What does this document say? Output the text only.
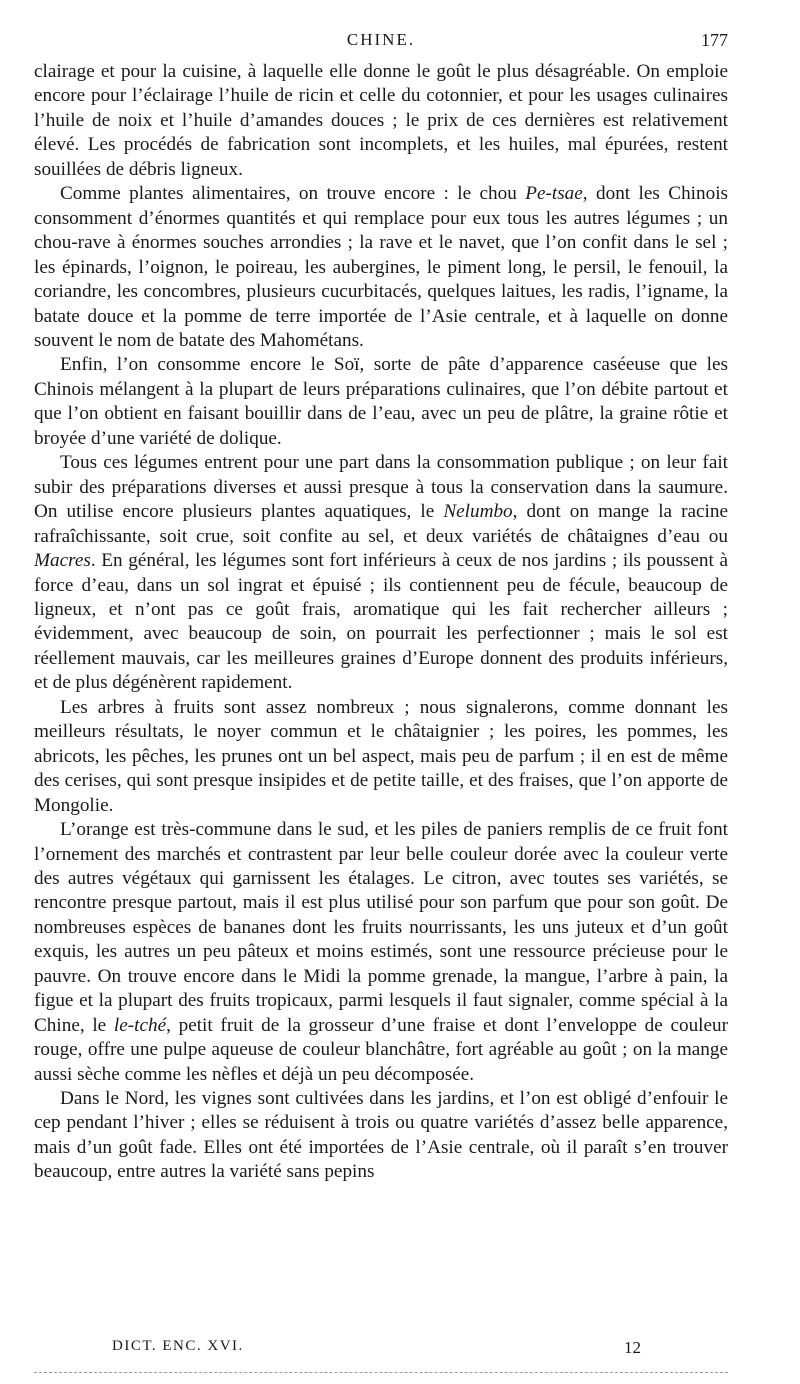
CHINE.	177

clairage et pour la cuisine, à laquelle elle donne le goût le plus désagréable. On emploie encore pour l’éclairage l’huile de ricin et celle du cotonnier, et pour les usages culinaires l’huile de noix et l’huile d’amandes douces ; le prix de ces dernières est relativement élevé. Les procédés de fabrication sont incomplets, et les huiles, mal épurées, restent souillées de débris ligneux.

Comme plantes alimentaires, on trouve encore : le chou Pe-tsae, dont les Chinois consomment d’énormes quantités et qui remplace pour eux tous les autres légumes ; un chou-rave à énormes souches arrondies ; la rave et le navet, que l’on confit dans le sel ; les épinards, l’oignon, le poireau, les aubergines, le piment long, le persil, le fenouil, la coriandre, les concombres, plusieurs cucurbitacés, quelques laitues, les radis, l’igname, la batate douce et la pomme de terre importée de l’Asie centrale, et à laquelle on donne souvent le nom de batate des Mahométans.

Enfin, l’on consomme encore le Soï, sorte de pâte d’apparence caséeuse que les Chinois mélangent à la plupart de leurs préparations culinaires, que l’on débite partout et que l’on obtient en faisant bouillir dans de l’eau, avec un peu de plâtre, la graine rôtie et broyée d’une variété de dolique.

Tous ces légumes entrent pour une part dans la consommation publique ; on leur fait subir des préparations diverses et aussi presque à tous la conservation dans la saumure. On utilise encore plusieurs plantes aquatiques, le Nelumbo, dont on mange la racine rafraîchissante, soit crue, soit confite au sel, et deux variétés de châtaignes d’eau ou Macres. En général, les légumes sont fort inférieurs à ceux de nos jardins ; ils poussent à force d’eau, dans un sol ingrat et épuisé ; ils contiennent peu de fécule, beaucoup de ligneux, et n’ont pas ce goût frais, aromatique qui les fait rechercher ailleurs ; évidemment, avec beaucoup de soin, on pourrait les perfectionner ; mais le sol est réellement mauvais, car les meilleures graines d’Europe donnent des produits inférieurs, et de plus dégénèrent rapidement.

Les arbres à fruits sont assez nombreux ; nous signalerons, comme donnant les meilleurs résultats, le noyer commun et le châtaignier ; les poires, les pommes, les abricots, les pêches, les prunes ont un bel aspect, mais peu de parfum ; il en est de même des cerises, qui sont presque insipides et de petite taille, et des fraises, que l’on apporte de Mongolie.

L’orange est très-commune dans le sud, et les piles de paniers remplis de ce fruit font l’ornement des marchés et contrastent par leur belle couleur dorée avec la couleur verte des autres végétaux qui garnissent les étalages. Le citron, avec toutes ses variétés, se rencontre presque partout, mais il est plus utilisé pour son parfum que pour son goût. De nombreuses espèces de bananes dont les fruits nourrissants, les uns juteux et d’un goût exquis, les autres un peu pâteux et moins estimés, sont une ressource précieuse pour le pauvre. On trouve encore dans le Midi la pomme grenade, la mangue, l’arbre à pain, la figue et la plupart des fruits tropicaux, parmi lesquels il faut signaler, comme spécial à la Chine, le le-tché, petit fruit de la grosseur d’une fraise et dont l’enveloppe de couleur rouge, offre une pulpe aqueuse de couleur blanchâtre, fort agréable au goût ; on la mange aussi sèche comme les nèfles et déjà un peu décomposée.

Dans le Nord, les vignes sont cultivées dans les jardins, et l’on est obligé d’enfouir le cep pendant l’hiver ; elles se réduisent à trois ou quatre variétés d’assez belle apparence, mais d’un goût fade. Elles ont été importées de l’Asie centrale, où il paraît s’en trouver beaucoup, entre autres la variété sans pepins

DICT. ENC. XVI.	12
